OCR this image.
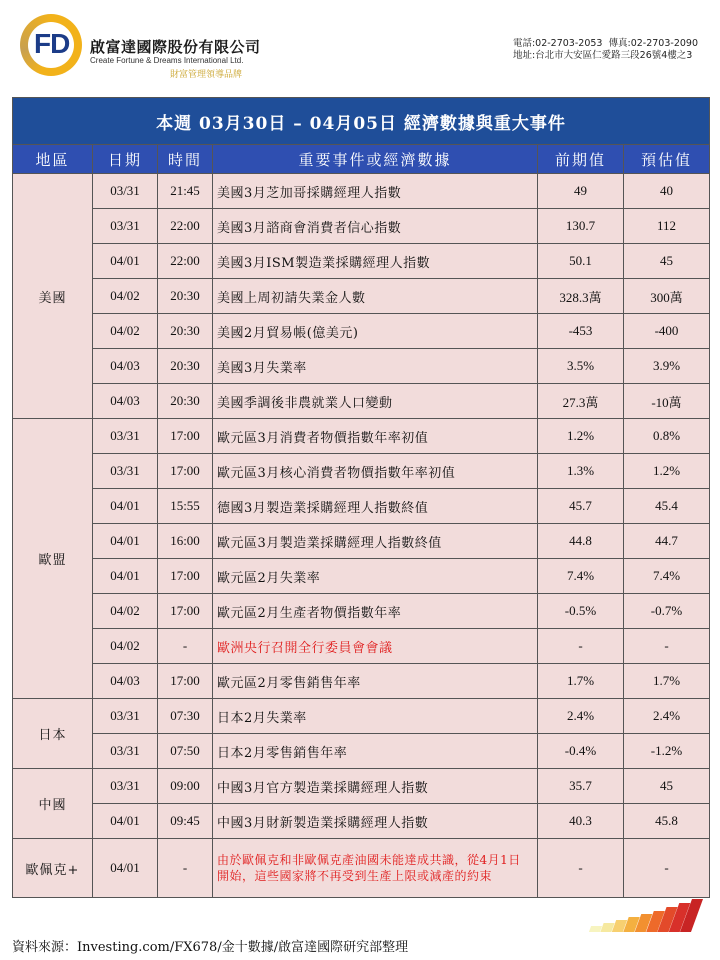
FD 啟富達國際股份有限公司
Create Fortune & Dreams International Ltd.
財富管理領導品牌
電話:02-2703-2053 傳真:02-2703-2090
地址:台北市大安區仁愛路三段26號4樓之3
本週 03月30日 – 04月05日 經濟數據與重大事件					
地區	日期	時間	重要事件或經濟數據	前期值	預估值
美國	03/31	21:45	美國3月芝加哥採購經理人指數	49	40
	03/31	22:00	美國3月諮商會消費者信心指數	130.7	112
	04/01	22:00	美國3月ISM製造業採購經理人指數	50.1	45
	04/02	20:30	美國上周初請失業金人數	328.3萬	300萬
	04/02	20:30	美國2月貿易帳(億美元)	-453	-400
	04/03	20:30	美國3月失業率	3.5%	3.9%
	04/03	20:30	美國季調後非農就業人口變動	27.3萬	-10萬
歐盟	03/31	17:00	歐元區3月消費者物價指數年率初值	1.2%	0.8%
	03/31	17:00	歐元區3月核心消費者物價指數年率初值	1.3%	1.2%
	04/01	15:55	德國3月製造業採購經理人指數終值	45.7	45.4
	04/01	16:00	歐元區3月製造業採購經理人指數終值	44.8	44.7
	04/01	17:00	歐元區2月失業率	7.4%	7.4%
	04/02	17:00	歐元區2月生產者物價指數年率	-0.5%	-0.7%
	04/02	-	歐洲央行召開全行委員會會議	-	-
	04/03	17:00	歐元區2月零售銷售年率	1.7%	1.7%
日本	03/31	07:30	日本2月失業率	2.4%	2.4%
	03/31	07:50	日本2月零售銷售年率	-0.4%	-1.2%
中國	03/31	09:00	中國3月官方製造業採購經理人指數	35.7	45
	04/01	09:45	中國3月財新製造業採購經理人指數	40.3	45.8
歐佩克+	04/01	-	由於歐佩克和非歐佩克產油國未能達成共識，從4月1日開始，這些國家將不再受到生產上限或減產的約束	-	-
資料來源：Investing.com/FX678/金十數據/啟富達國際研究部整理
